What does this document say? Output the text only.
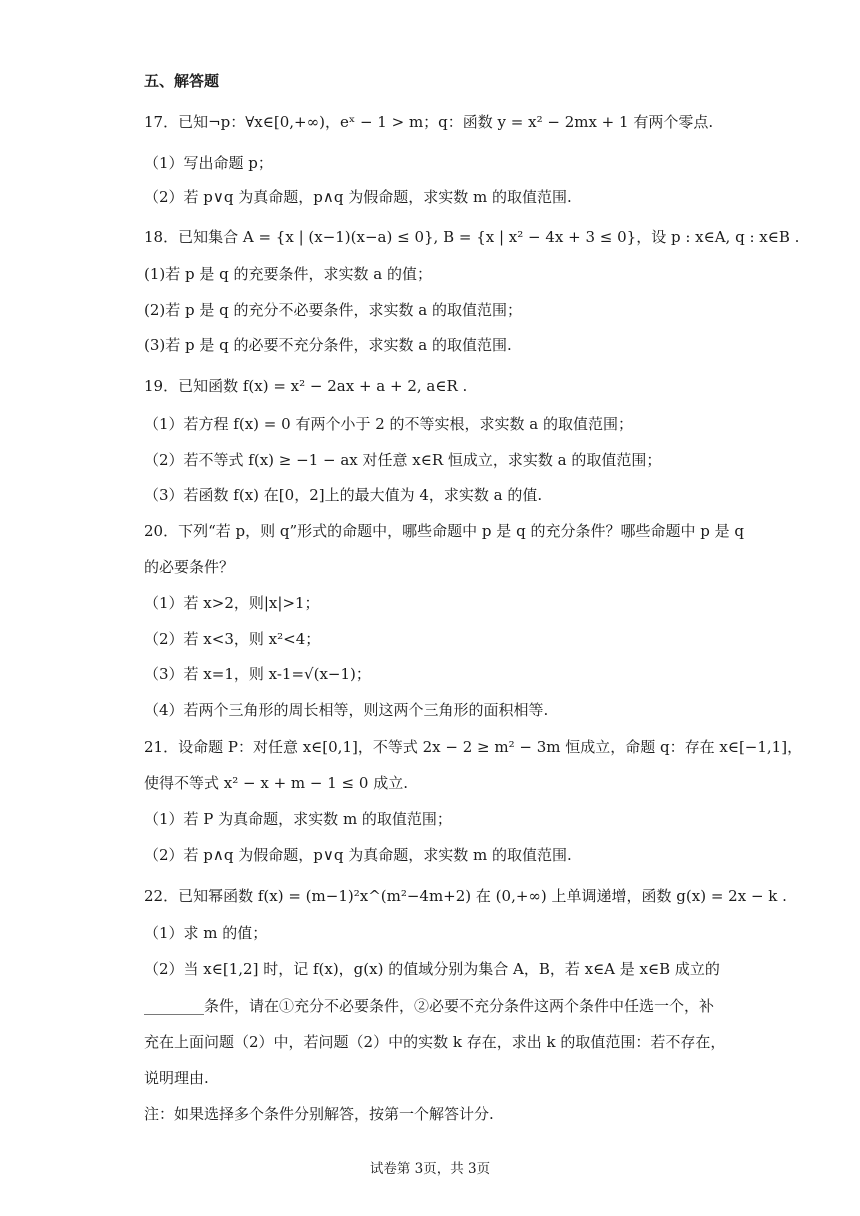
五、解答题
17．已知¬p：∀x∈[0,+∞)，eˣ − 1 > m；q：函数 y = x² − 2mx + 1 有两个零点.
（1）写出命题 p；
（2）若 p∨q 为真命题，p∧q 为假命题，求实数 m 的取值范围.
18．已知集合 A = {x | (x−1)(x−a) ≤ 0}, B = {x | x² − 4x + 3 ≤ 0}，设 p : x∈A, q : x∈B .
(1)若 p 是 q 的充要条件，求实数 a 的值；
(2)若 p 是 q 的充分不必要条件，求实数 a 的取值范围；
(3)若 p 是 q 的必要不充分条件，求实数 a 的取值范围.
19．已知函数 f(x) = x² − 2ax + a + 2, a∈R .
（1）若方程 f(x) = 0 有两个小于 2 的不等实根，求实数 a 的取值范围；
（2）若不等式 f(x) ≥ −1 − ax 对任意 x∈R 恒成立，求实数 a 的取值范围；
（3）若函数 f(x) 在[0，2]上的最大值为 4，求实数 a 的值.
20．下列“若 p，则 q”形式的命题中，哪些命题中 p 是 q 的充分条件？哪些命题中 p 是 q
的必要条件？
（1）若 x>2，则|x|>1；
（2）若 x<3，则 x²<4；
（3）若 x=1，则 x-1=√(x−1)；
（4）若两个三角形的周长相等，则这两个三角形的面积相等.
21．设命题 P：对任意 x∈[0,1]，不等式 2x − 2 ≥ m² − 3m 恒成立，命题 q：存在 x∈[−1,1]，
使得不等式 x² − x + m − 1 ≤ 0 成立.
（1）若 P 为真命题，求实数 m 的取值范围；
（2）若 p∧q 为假命题，p∨q 为真命题，求实数 m 的取值范围.
22．已知幂函数 f(x) = (m−1)²x^(m²−4m+2) 在 (0,+∞) 上单调递增，函数 g(x) = 2x − k .
（1）求 m 的值；
（2）当 x∈[1,2] 时，记 f(x)，g(x) 的值域分别为集合 A，B，若 x∈A 是 x∈B 成立的
________条件，请在①充分不必要条件，②必要不充分条件这两个条件中任选一个，补
充在上面问题（2）中，若问题（2）中的实数 k 存在，求出 k 的取值范围：若不存在，
说明理由.
注：如果选择多个条件分别解答，按第一个解答计分.
试卷第 3页，共 3页
